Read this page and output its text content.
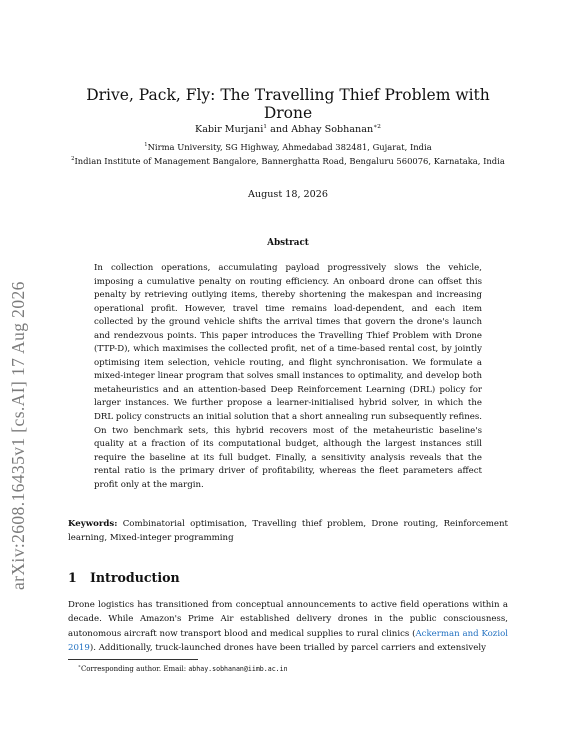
arXiv:2608.16435v1 [cs.AI] 17 Aug 2026
Drive, Pack, Fly: The Travelling Thief Problem with Drone
Kabir Murjani$^1$ and Abhay Sobhanan$^{∗2}$
$^1$Nirma University, SG Highway, Ahmedabad 382481, Gujarat, India
$^2$Indian Institute of Management Bangalore, Bannerghatta Road, Bengaluru 560076, Karnataka, India
August 18, 2026
Abstract
In collection operations, accumulating payload progressively slows the vehicle, imposing a cumulative penalty on routing efficiency. An onboard drone can offset this penalty by retrieving outlying items, thereby shortening the makespan and increasing operational profit. However, travel time remains load-dependent, and each item collected by the ground vehicle shifts the arrival times that govern the drone's launch and rendezvous points. This paper introduces the Travelling Thief Problem with Drone (TTP-D), which maximises the collected profit, net of a time-based rental cost, by jointly optimising item selection, vehicle routing, and flight synchronisation. We formulate a mixed-integer linear program that solves small instances to optimality, and develop both metaheuristics and an attention-based Deep Reinforcement Learning (DRL) policy for larger instances. We further propose a learner-initialised hybrid solver, in which the DRL policy constructs an initial solution that a short annealing run subsequently refines. On two benchmark sets, this hybrid recovers most of the metaheuristic baseline's quality at a fraction of its computational budget, although the largest instances still require the baseline at its full budget. Finally, a sensitivity analysis reveals that the rental ratio is the primary driver of profitability, whereas the fleet parameters affect profit only at the margin.
Keywords: Combinatorial optimisation, Travelling thief problem, Drone routing, Reinforcement learning, Mixed-integer programming
1 Introduction
Drone logistics has transitioned from conceptual announcements to active field operations within a decade. While Amazon's Prime Air established delivery drones in the public consciousness, autonomous aircraft now transport blood and medical supplies to rural clinics (Ackerman and Koziol 2019). Additionally, truck-launched drones have been trialled by parcel carriers and extensively
∗Corresponding author. Email: abhay.sobhanan@iimb.ac.in
